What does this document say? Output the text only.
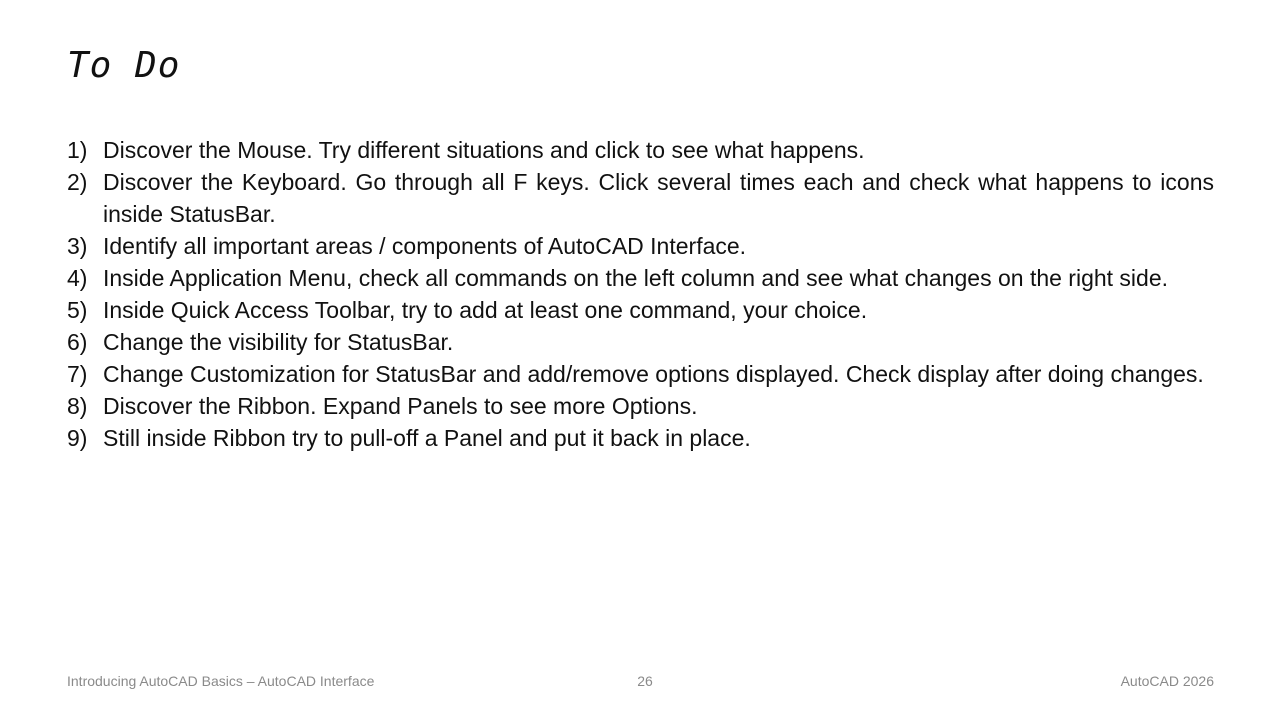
To Do
1) Discover the Mouse. Try different situations and click to see what happens.
2) Discover the Keyboard. Go through all F keys. Click several times each and check what happens to icons inside StatusBar.
3) Identify all important areas / components of AutoCAD Interface.
4) Inside Application Menu, check all commands on the left column and see what changes on the right side.
5) Inside Quick Access Toolbar, try to add at least one command, your choice.
6) Change the visibility for StatusBar.
7) Change Customization for StatusBar and add/remove options displayed. Check display after doing changes.
8) Discover the Ribbon. Expand Panels to see more Options.
9) Still inside Ribbon try to pull-off a Panel and put it back in place.
Introducing AutoCAD Basics – AutoCAD Interface	26	AutoCAD 2026
